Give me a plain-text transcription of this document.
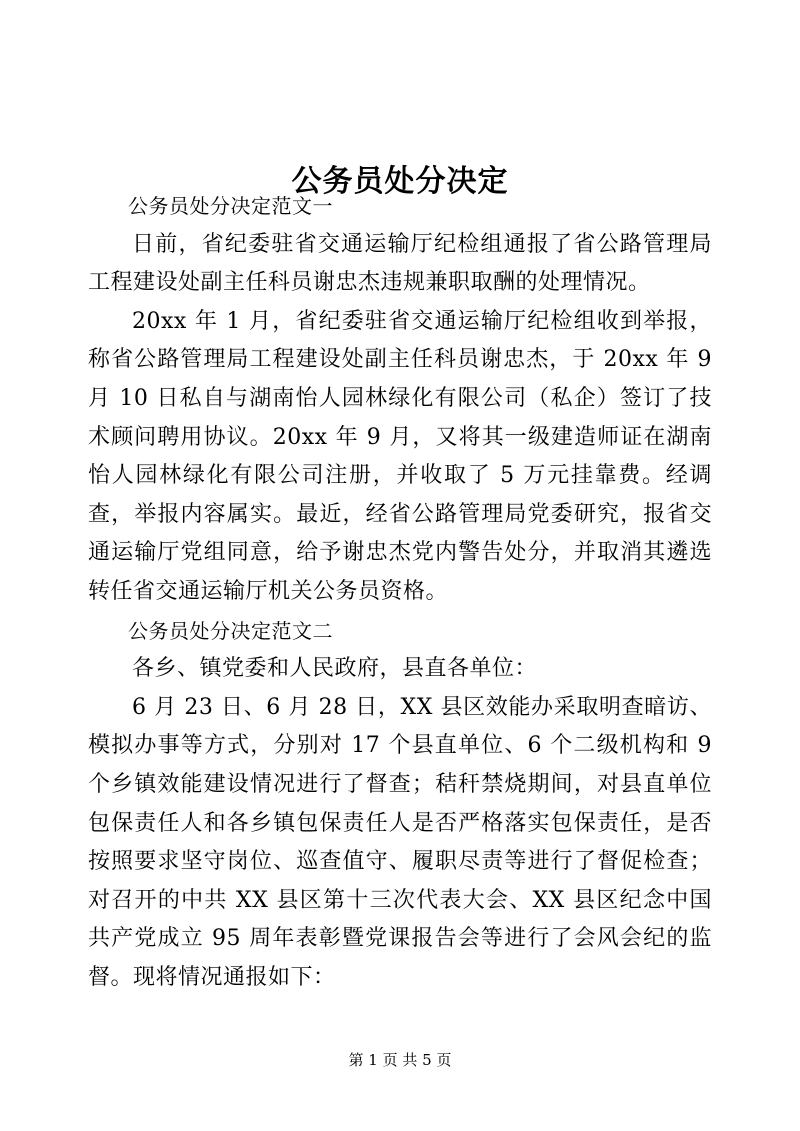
公务员处分决定

公务员处分决定范文一

日前，省纪委驻省交通运输厅纪检组通报了省公路管理局工程建设处副主任科员谢忠杰违规兼职取酬的处理情况。

20xx 年 1 月，省纪委驻省交通运输厅纪检组收到举报，称省公路管理局工程建设处副主任科员谢忠杰，于 20xx 年 9 月 10 日私自与湖南怡人园林绿化有限公司（私企）签订了技术顾问聘用协议。20xx 年 9 月，又将其一级建造师证在湖南怡人园林绿化有限公司注册，并收取了 5 万元挂靠费。经调查，举报内容属实。最近，经省公路管理局党委研究，报省交通运输厅党组同意，给予谢忠杰党内警告处分，并取消其遴选转任省交通运输厅机关公务员资格。

公务员处分决定范文二

各乡、镇党委和人民政府，县直各单位：

6 月 23 日、6 月 28 日，XX 县区效能办采取明查暗访、模拟办事等方式，分别对 17 个县直单位、6 个二级机构和 9 个乡镇效能建设情况进行了督查；秸秆禁烧期间，对县直单位包保责任人和各乡镇包保责任人是否严格落实包保责任，是否按照要求坚守岗位、巡查值守、履职尽责等进行了督促检查；对召开的中共 XX 县区第十三次代表大会、XX 县区纪念中国共产党成立 95 周年表彰暨党课报告会等进行了会风会纪的监督。现将情况通报如下：

第 1 页 共 5 页
